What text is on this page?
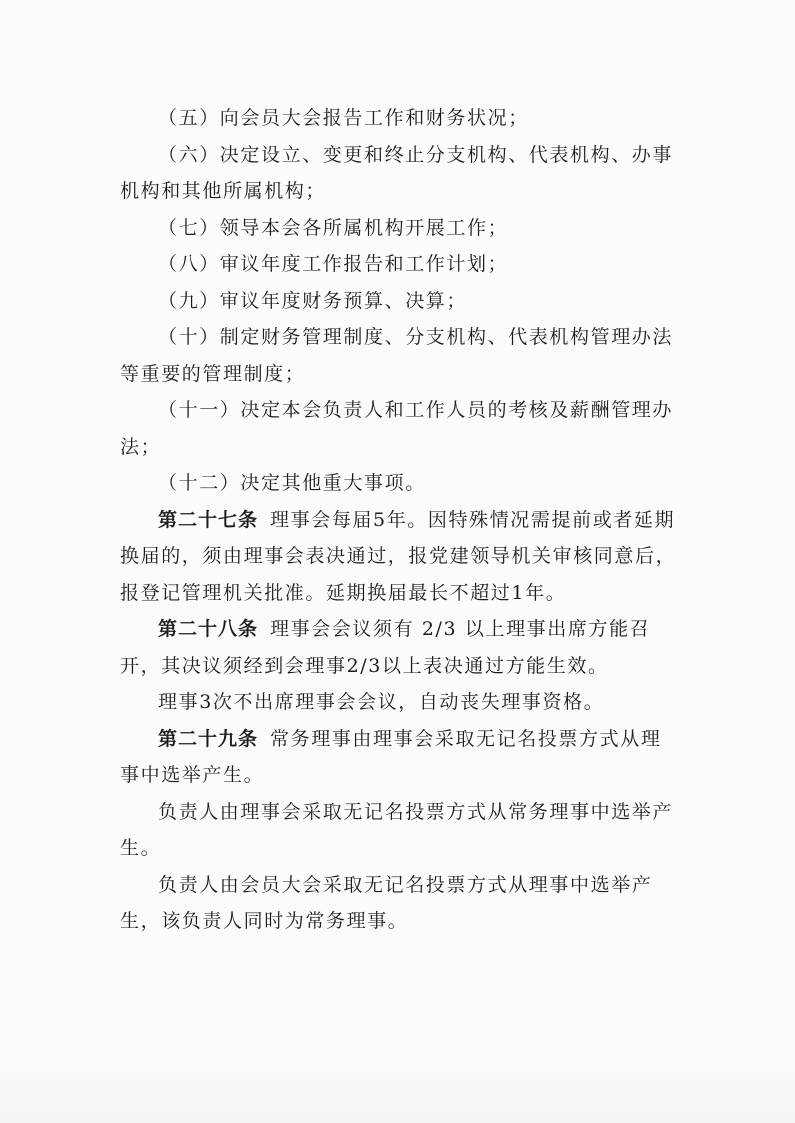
（五）向会员大会报告工作和财务状况；

（六）决定设立、变更和终止分支机构、代表机构、办事机构和其他所属机构；

（七）领导本会各所属机构开展工作；

（八）审议年度工作报告和工作计划；

（九）审议年度财务预算、决算；

（十）制定财务管理制度、分支机构、代表机构管理办法等重要的管理制度；

（十一）决定本会负责人和工作人员的考核及薪酬管理办法；

（十二）决定其他重大事项。

第二十七条 理事会每届5年。因特殊情况需提前或者延期换届的，须由理事会表决通过，报党建领导机关审核同意后，报登记管理机关批准。延期换届最长不超过1年。

第二十八条 理事会会议须有 2/3 以上理事出席方能召开，其决议须经到会理事2/3以上表决通过方能生效。

理事3次不出席理事会会议，自动丧失理事资格。

第二十九条 常务理事由理事会采取无记名投票方式从理事中选举产生。

负责人由理事会采取无记名投票方式从常务理事中选举产生。

负责人由会员大会采取无记名投票方式从理事中选举产生，该负责人同时为常务理事。
